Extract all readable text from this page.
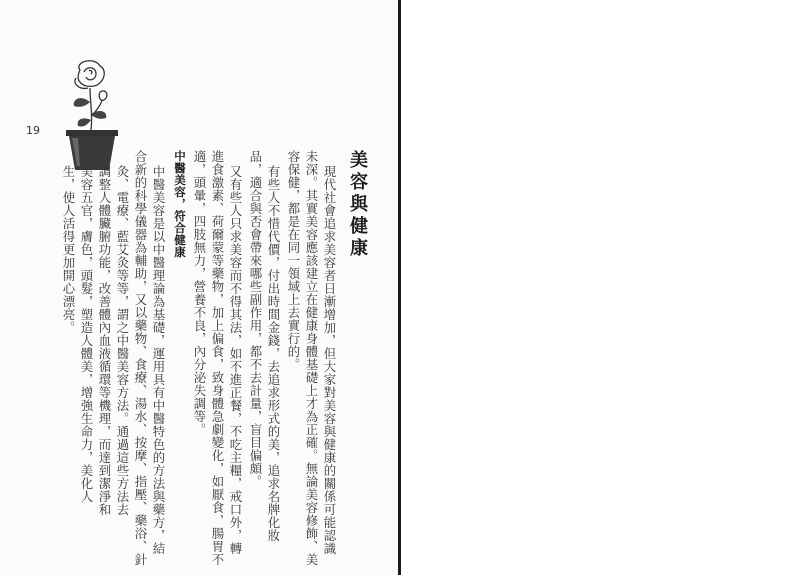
19
美容與健康
現代社會追求美容者日漸增加，但大家對美容與健康的關係可能認識
未深。其實美容應該建立在健康身體基礎上才為正確。無論美容修飾、美
容保健，都是在同一領域上去實行的。
有些人不惜代價，付出時間金錢，去追求形式的美，追求名牌化妝
品，適合與否會帶來哪些副作用，都不去計量，盲目偏頗。
又有些人只求美容而不得其法，如不進正餐，不吃主糧，戒口外，轉
進食激素、荷爾蒙等藥物，加上偏食，致身體急劇變化，如厭食，腸胃不
適，頭暈，四肢無力，營養不良，內分泌失調等。
中醫美容，符合健康
中醫美容是以中醫理論為基礎，運用具有中醫特色的方法與藥方，結
合新的科學儀器為輔助，又以藥物、食療、湯水、按摩、指壓、藥浴、針
灸、電療、藍艾灸等等，謂之中醫美容方法。通過這些方法去
調整人體臟腑功能，改善體內血液循環等機理，而達到潔淨和
美容五官，膚色，頭髮，塑造人體美，增強生命力，美化人
生，使人活得更加開心漂亮。
